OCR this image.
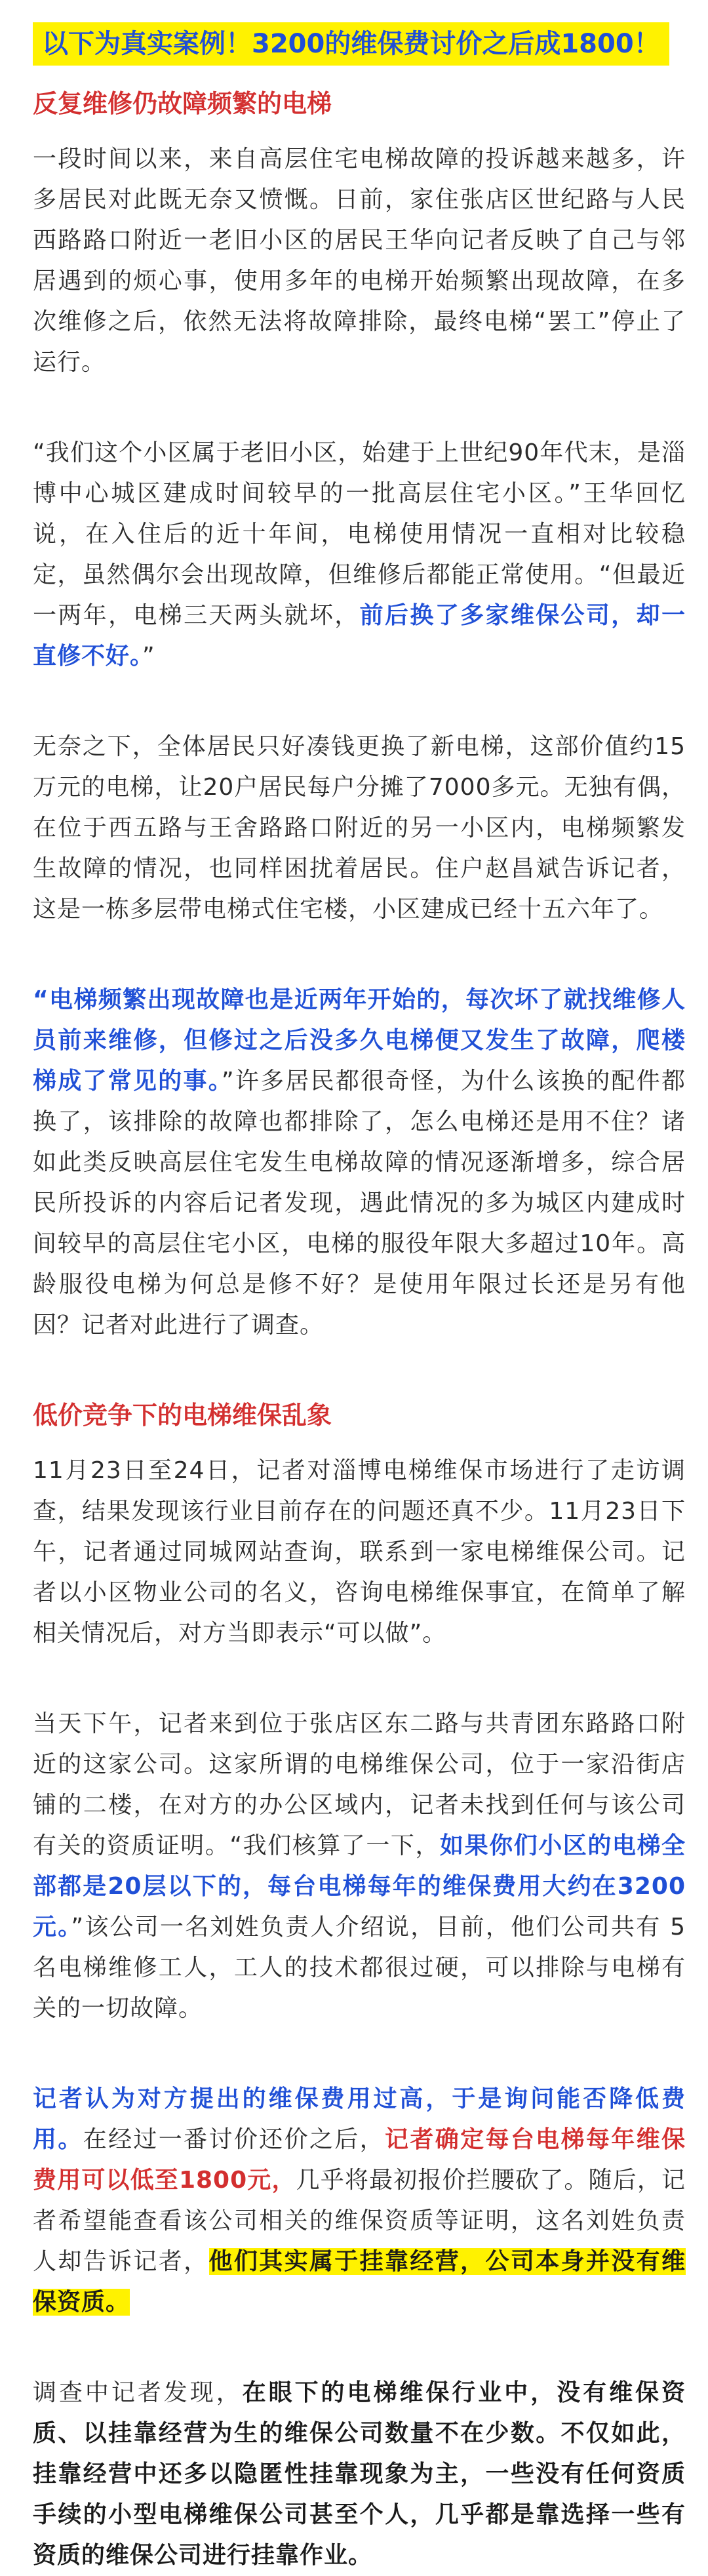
以下为真实案例！3200的维保费讨价之后成1800！
反复维修仍故障频繁的电梯

一段时间以来，来自高层住宅电梯故障的投诉越来越多，许多居民对此既无奈又愤慨。日前，家住张店区世纪路与人民西路路口附近一老旧小区的居民王华向记者反映了自己与邻居遇到的烦心事，使用多年的电梯开始频繁出现故障，在多次维修之后，依然无法将故障排除，最终电梯“罢工”停止了运行。

“我们这个小区属于老旧小区，始建于上世纪90年代末，是淄博中心城区建成时间较早的一批高层住宅小区。”王华回忆说，在入住后的近十年间，电梯使用情况一直相对比较稳定，虽然偶尔会出现故障，但维修后都能正常使用。“但最近一两年，电梯三天两头就坏，前后换了多家维保公司，却一直修不好。”

无奈之下，全体居民只好凑钱更换了新电梯，这部价值约15万元的电梯，让20户居民每户分摊了7000多元。无独有偶，在位于西五路与王舍路路口附近的另一小区内，电梯频繁发生故障的情况，也同样困扰着居民。住户赵昌斌告诉记者，这是一栋多层带电梯式住宅楼，小区建成已经十五六年了。

“电梯频繁出现故障也是近两年开始的，每次坏了就找维修人员前来维修，但修过之后没多久电梯便又发生了故障，爬楼梯成了常见的事。”许多居民都很奇怪，为什么该换的配件都换了，该排除的故障也都排除了，怎么电梯还是用不住？诸如此类反映高层住宅发生电梯故障的情况逐渐增多，综合居民所投诉的内容后记者发现，遇此情况的多为城区内建成时间较早的高层住宅小区，电梯的服役年限大多超过10年。高龄服役电梯为何总是修不好？是使用年限过长还是另有他因？记者对此进行了调查。

低价竞争下的电梯维保乱象

11月23日至24日，记者对淄博电梯维保市场进行了走访调查，结果发现该行业目前存在的问题还真不少。11月23日下午，记者通过同城网站查询，联系到一家电梯维保公司。记者以小区物业公司的名义，咨询电梯维保事宜，在简单了解相关情况后，对方当即表示“可以做”。

当天下午，记者来到位于张店区东二路与共青团东路路口附近的这家公司。这家所谓的电梯维保公司，位于一家沿街店铺的二楼，在对方的办公区域内，记者未找到任何与该公司有关的资质证明。“我们核算了一下，如果你们小区的电梯全部都是20层以下的，每台电梯每年的维保费用大约在3200元。”该公司一名刘姓负责人介绍说，目前，他们公司共有 5名电梯维修工人，工人的技术都很过硬，可以排除与电梯有关的一切故障。

记者认为对方提出的维保费用过高，于是询问能否降低费用。在经过一番讨价还价之后，记者确定每台电梯每年维保费用可以低至1800元，几乎将最初报价拦腰砍了。随后，记者希望能查看该公司相关的维保资质等证明，这名刘姓负责人却告诉记者，他们其实属于挂靠经营，公司本身并没有维保资质。

调查中记者发现，在眼下的电梯维保行业中，没有维保资质、以挂靠经营为生的维保公司数量不在少数。不仅如此，挂靠经营中还多以隐匿性挂靠现象为主，一些没有任何资质手续的小型电梯维保公司甚至个人，几乎都是靠选择一些有资质的维保公司进行挂靠作业。
